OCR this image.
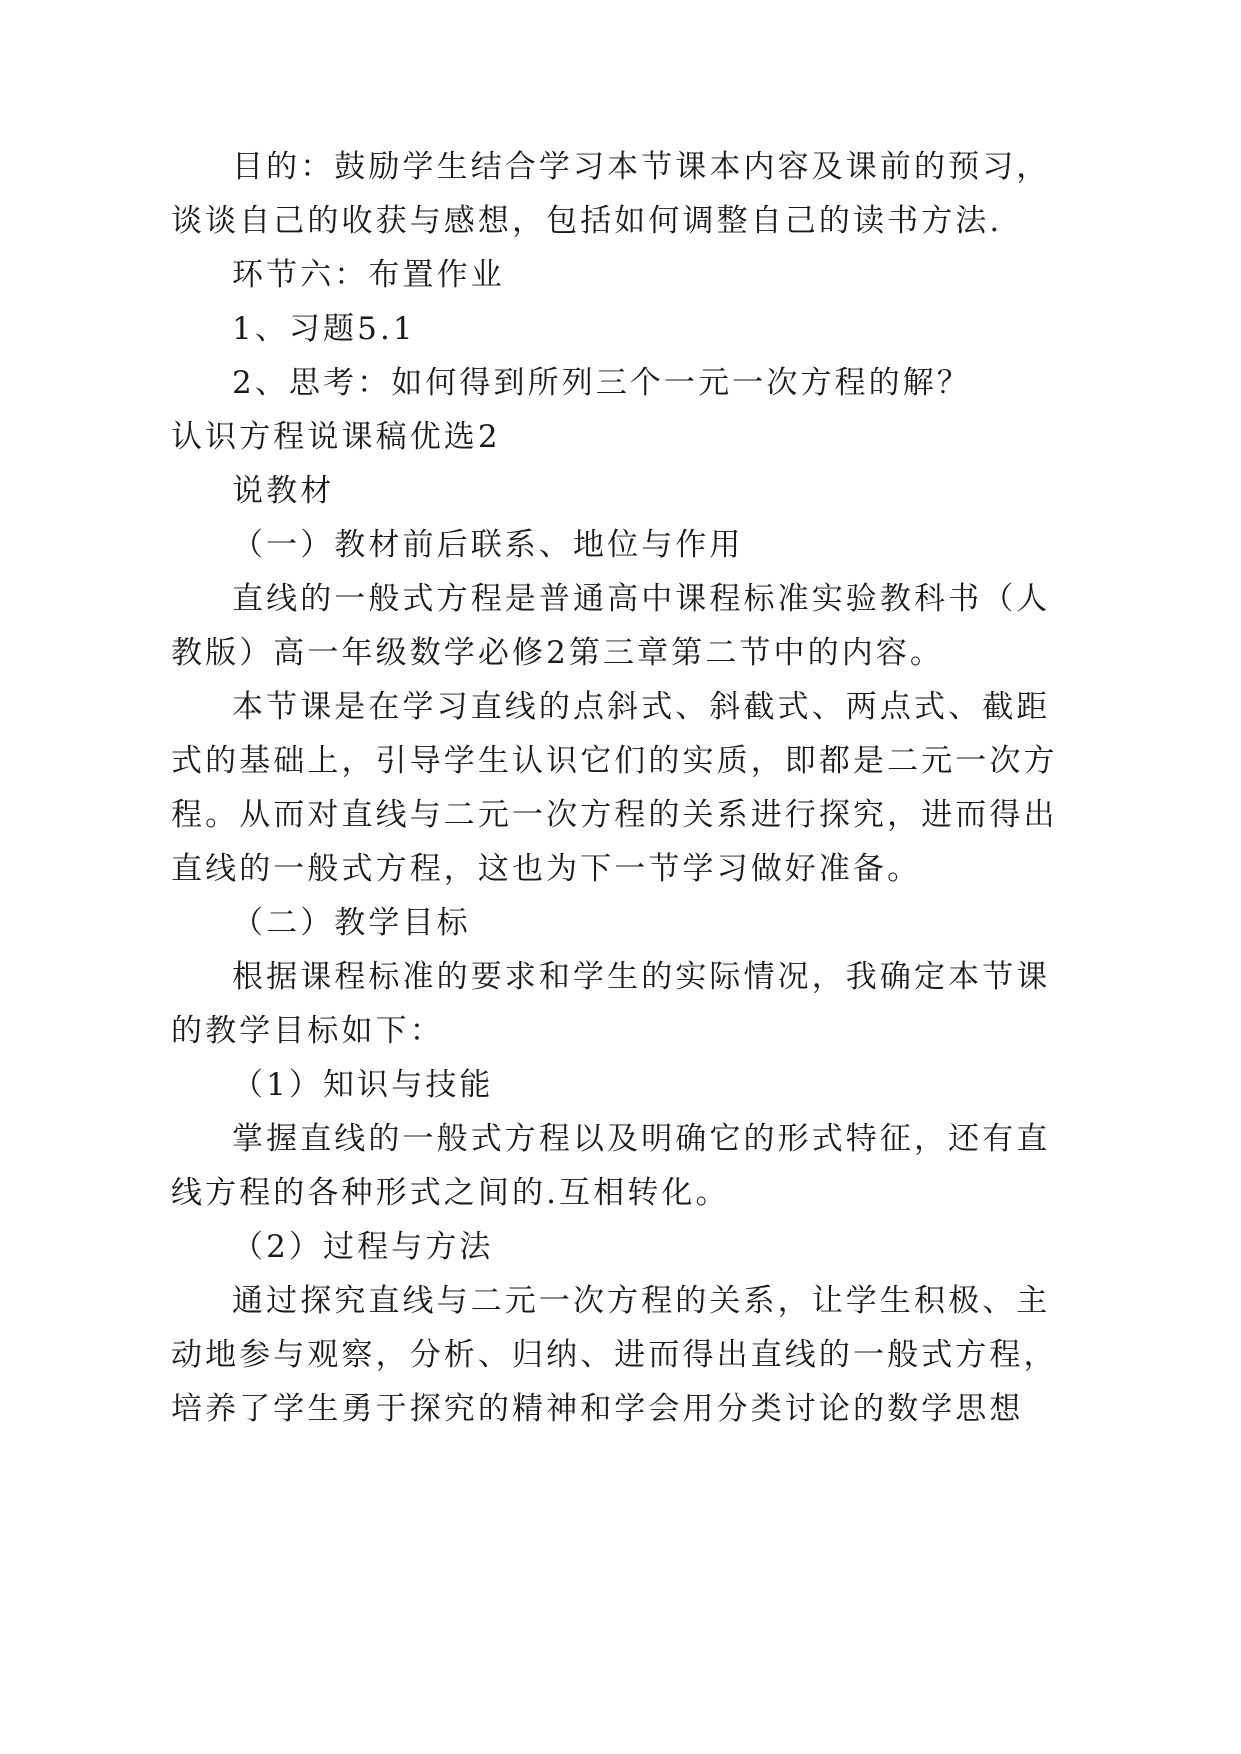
目的：鼓励学生结合学习本节课本内容及课前的预习，
谈谈自己的收获与感想，包括如何调整自己的读书方法.
环节六：布置作业
1、习题5.1
2、思考：如何得到所列三个一元一次方程的解？
认识方程说课稿优选2
说教材
（一）教材前后联系、地位与作用
直线的一般式方程是普通高中课程标准实验教科书（人
教版）高一年级数学必修2第三章第二节中的内容。
本节课是在学习直线的点斜式、斜截式、两点式、截距
式的基础上，引导学生认识它们的实质，即都是二元一次方
程。从而对直线与二元一次方程的关系进行探究，进而得出
直线的一般式方程，这也为下一节学习做好准备。
（二）教学目标
根据课程标准的要求和学生的实际情况，我确定本节课
的教学目标如下：
（1）知识与技能
掌握直线的一般式方程以及明确它的形式特征，还有直
线方程的各种形式之间的.互相转化。
（2）过程与方法
通过探究直线与二元一次方程的关系，让学生积极、主
动地参与观察，分析、归纳、进而得出直线的一般式方程，
培养了学生勇于探究的精神和学会用分类讨论的数学思想
